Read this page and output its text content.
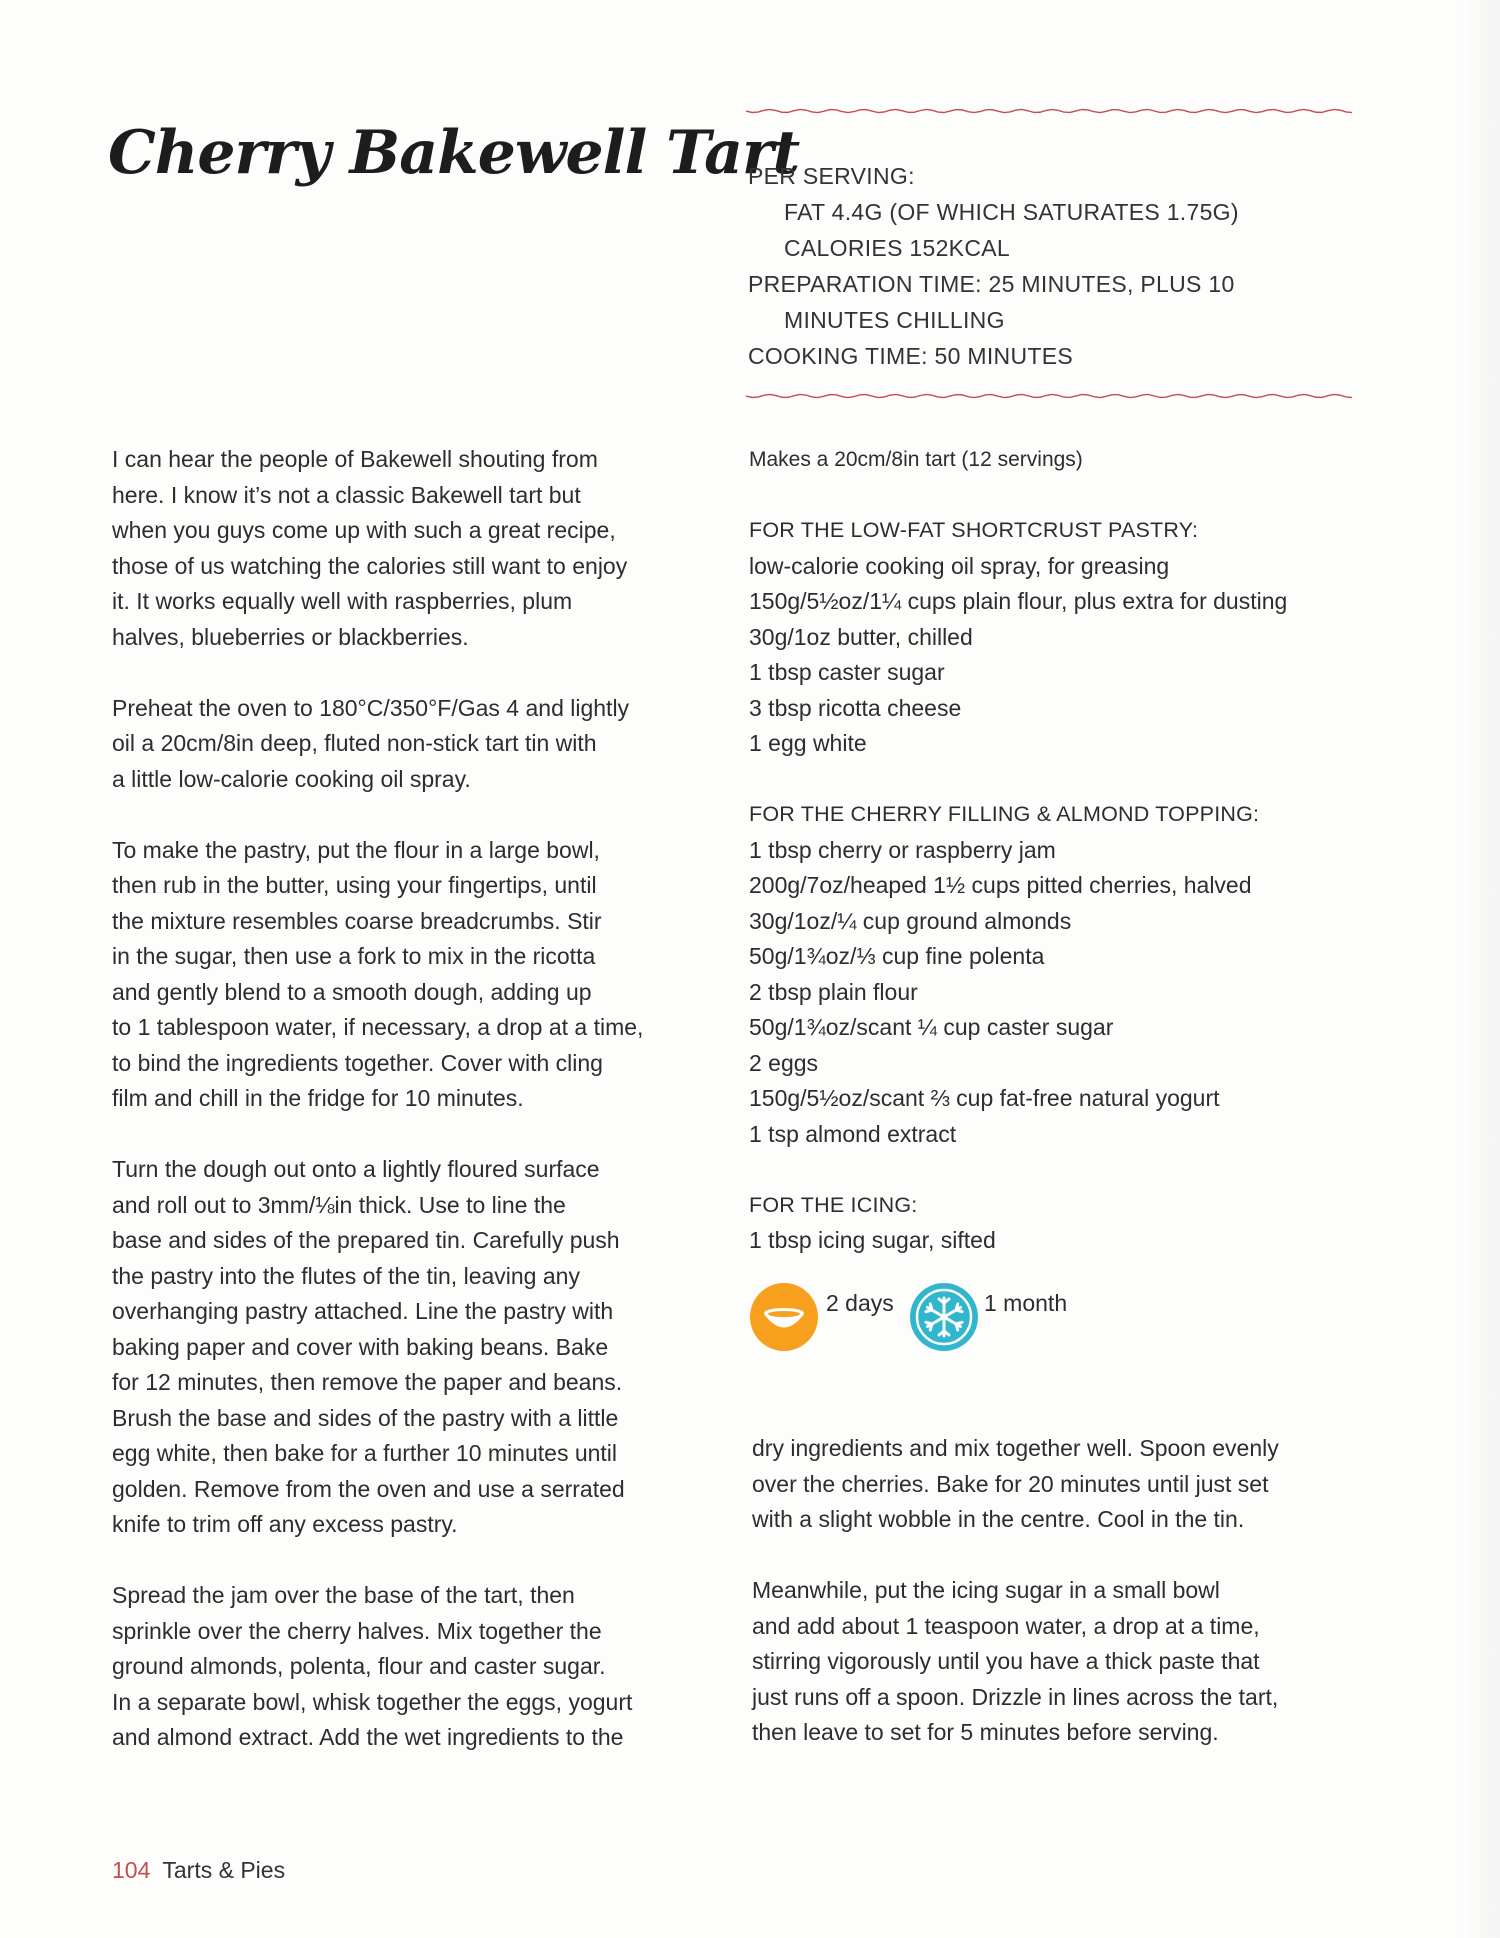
Cherry Bakewell Tart
PER SERVING:
FAT 4.4G (OF WHICH SATURATES 1.75G)
CALORIES 152KCAL
PREPARATION TIME: 25 MINUTES, PLUS 10
MINUTES CHILLING
COOKING TIME: 50 MINUTES

I can hear the people of Bakewell shouting from
here. I know it’s not a classic Bakewell tart but
when you guys come up with such a great recipe,
those of us watching the calories still want to enjoy
it. It works equally well with raspberries, plum
halves, blueberries or blackberries.

Preheat the oven to 180°C/350°F/Gas 4 and lightly
oil a 20cm/8in deep, fluted non-stick tart tin with
a little low-calorie cooking oil spray.

To make the pastry, put the flour in a large bowl,
then rub in the butter, using your fingertips, until
the mixture resembles coarse breadcrumbs. Stir
in the sugar, then use a fork to mix in the ricotta
and gently blend to a smooth dough, adding up
to 1 tablespoon water, if necessary, a drop at a time,
to bind the ingredients together. Cover with cling
film and chill in the fridge for 10 minutes.

Turn the dough out onto a lightly floured surface
and roll out to 3mm/⅛in thick. Use to line the
base and sides of the prepared tin. Carefully push
the pastry into the flutes of the tin, leaving any
overhanging pastry attached. Line the pastry with
baking paper and cover with baking beans. Bake
for 12 minutes, then remove the paper and beans.
Brush the base and sides of the pastry with a little
egg white, then bake for a further 10 minutes until
golden. Remove from the oven and use a serrated
knife to trim off any excess pastry.

Spread the jam over the base of the tart, then
sprinkle over the cherry halves. Mix together the
ground almonds, polenta, flour and caster sugar.
In a separate bowl, whisk together the eggs, yogurt
and almond extract. Add the wet ingredients to the

Makes a 20cm/8in tart (12 servings)
FOR THE LOW-FAT SHORTCRUST PASTRY:
low-calorie cooking oil spray, for greasing
150g/5½oz/1¼ cups plain flour, plus extra for dusting
30g/1oz butter, chilled
1 tbsp caster sugar
3 tbsp ricotta cheese
1 egg white
FOR THE CHERRY FILLING & ALMOND TOPPING:
1 tbsp cherry or raspberry jam
200g/7oz/heaped 1½ cups pitted cherries, halved
30g/1oz/¼ cup ground almonds
50g/1¾oz/⅓ cup fine polenta
2 tbsp plain flour
50g/1¾oz/scant ¼ cup caster sugar
2 eggs
150g/5½oz/scant ⅔ cup fat-free natural yogurt
1 tsp almond extract
FOR THE ICING:
1 tbsp icing sugar, sifted
2 days	1 month

dry ingredients and mix together well. Spoon evenly
over the cherries. Bake for 20 minutes until just set
with a slight wobble in the centre. Cool in the tin.

Meanwhile, put the icing sugar in a small bowl
and add about 1 teaspoon water, a drop at a time,
stirring vigorously until you have a thick paste that
just runs off a spoon. Drizzle in lines across the tart,
then leave to set for 5 minutes before serving.

104 Tarts & Pies
